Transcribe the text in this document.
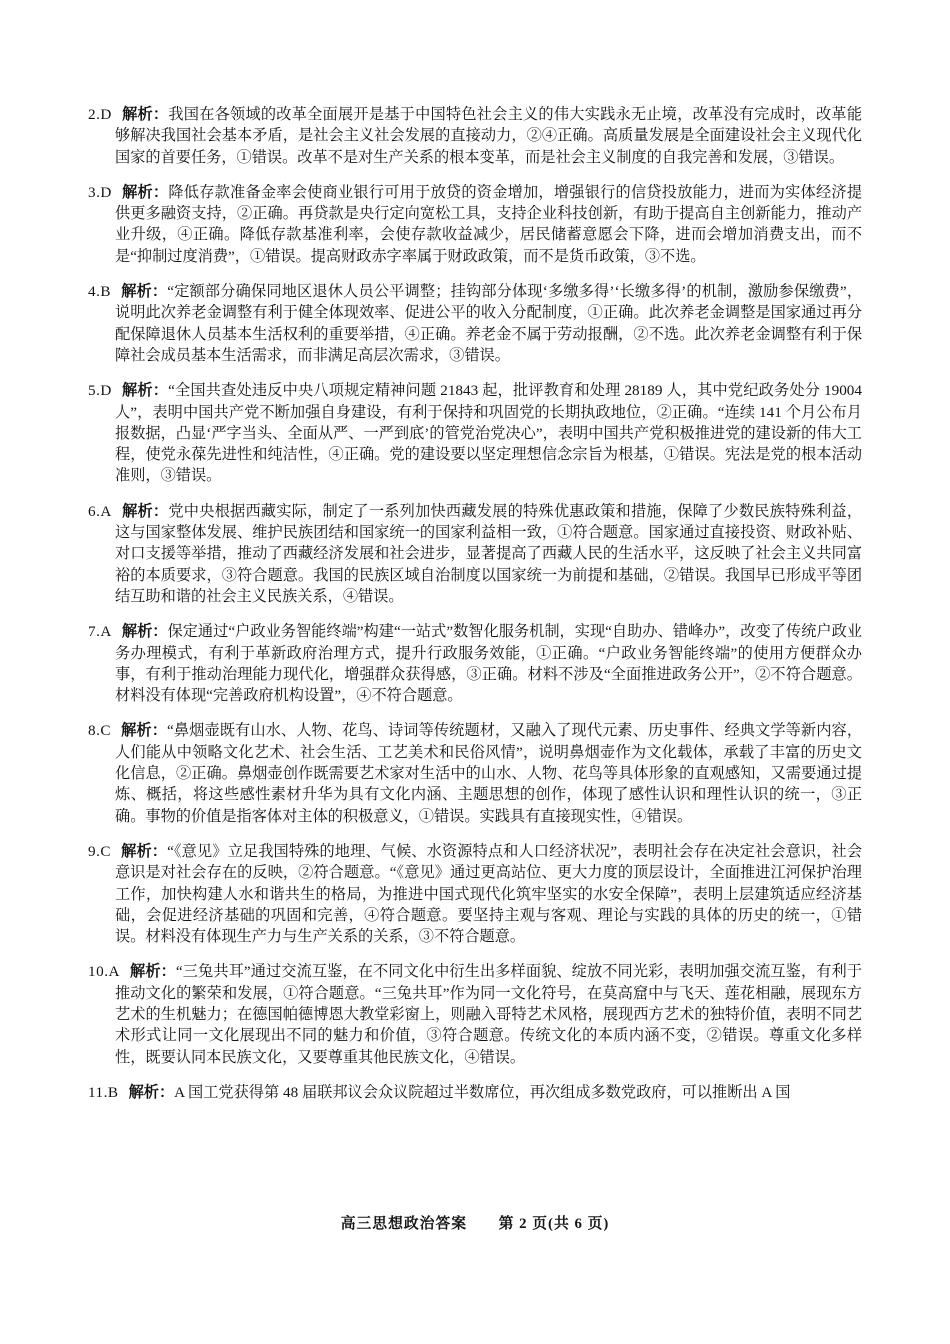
2.D 解析：我国在各领域的改革全面展开是基于中国特色社会主义的伟大实践永无止境，改革没有完成时，改革能够解决我国社会基本矛盾，是社会主义社会发展的直接动力，②④正确。高质量发展是全面建设社会主义现代化国家的首要任务，①错误。改革不是对生产关系的根本变革，而是社会主义制度的自我完善和发展，③错误。

3.D 解析：降低存款准备金率会使商业银行可用于放贷的资金增加，增强银行的信贷投放能力，进而为实体经济提供更多融资支持，②正确。再贷款是央行定向宽松工具，支持企业科技创新，有助于提高自主创新能力，推动产业升级，④正确。降低存款基准利率，会使存款收益减少，居民储蓄意愿会下降，进而会增加消费支出，而不是“抑制过度消费”，①错误。提高财政赤字率属于财政政策，而不是货币政策，③不选。

4.B 解析：“定额部分确保同地区退休人员公平调整；挂钩部分体现‘多缴多得’‘长缴多得’的机制，激励参保缴费”，说明此次养老金调整有利于健全体现效率、促进公平的收入分配制度，①正确。此次养老金调整是国家通过再分配保障退休人员基本生活权利的重要举措，④正确。养老金不属于劳动报酬，②不选。此次养老金调整有利于保障社会成员基本生活需求，而非满足高层次需求，③错误。

5.D 解析：“全国共查处违反中央八项规定精神问题 21843 起，批评教育和处理 28189 人，其中党纪政务处分 19004 人”，表明中国共产党不断加强自身建设，有利于保持和巩固党的长期执政地位，②正确。“连续 141 个月公布月报数据，凸显‘严字当头、全面从严、一严到底’的管党治党决心”，表明中国共产党积极推进党的建设新的伟大工程，使党永葆先进性和纯洁性，④正确。党的建设要以坚定理想信念宗旨为根基，①错误。宪法是党的根本活动准则，③错误。

6.A 解析：党中央根据西藏实际，制定了一系列加快西藏发展的特殊优惠政策和措施，保障了少数民族特殊利益，这与国家整体发展、维护民族团结和国家统一的国家利益相一致，①符合题意。国家通过直接投资、财政补贴、对口支援等举措，推动了西藏经济发展和社会进步，显著提高了西藏人民的生活水平，这反映了社会主义共同富裕的本质要求，③符合题意。我国的民族区域自治制度以国家统一为前提和基础，②错误。我国早已形成平等团结互助和谐的社会主义民族关系，④错误。

7.A 解析：保定通过“户政业务智能终端”构建“一站式”数智化服务机制，实现“自助办、错峰办”，改变了传统户政业务办理模式，有利于革新政府治理方式，提升行政服务效能，①正确。“户政业务智能终端”的使用方便群众办事，有利于推动治理能力现代化，增强群众获得感，③正确。材料不涉及“全面推进政务公开”，②不符合题意。材料没有体现“完善政府机构设置”，④不符合题意。

8.C 解析：“鼻烟壶既有山水、人物、花鸟、诗词等传统题材，又融入了现代元素、历史事件、经典文学等新内容，人们能从中领略文化艺术、社会生活、工艺美术和民俗风情”，说明鼻烟壶作为文化载体，承载了丰富的历史文化信息，②正确。鼻烟壶创作既需要艺术家对生活中的山水、人物、花鸟等具体形象的直观感知，又需要通过提炼、概括，将这些感性素材升华为具有文化内涵、主题思想的创作，体现了感性认识和理性认识的统一，③正确。事物的价值是指客体对主体的积极意义，①错误。实践具有直接现实性，④错误。

9.C 解析：“《意见》立足我国特殊的地理、气候、水资源特点和人口经济状况”，表明社会存在决定社会意识，社会意识是对社会存在的反映，②符合题意。“《意见》通过更高站位、更大力度的顶层设计，全面推进江河保护治理工作，加快构建人水和谐共生的格局，为推进中国式现代化筑牢坚实的水安全保障”，表明上层建筑适应经济基础，会促进经济基础的巩固和完善，④符合题意。要坚持主观与客观、理论与实践的具体的历史的统一，①错误。材料没有体现生产力与生产关系的关系，③不符合题意。

10.A 解析：“三兔共耳”通过交流互鉴，在不同文化中衍生出多样面貌、绽放不同光彩，表明加强交流互鉴，有利于推动文化的繁荣和发展，①符合题意。“三兔共耳”作为同一文化符号，在莫高窟中与飞天、莲花相融，展现东方艺术的生机魅力；在德国帕德博恩大教堂彩窗上，则融入哥特艺术风格，展现西方艺术的独特价值，表明不同艺术形式让同一文化展现出不同的魅力和价值，③符合题意。传统文化的本质内涵不变，②错误。尊重文化多样性，既要认同本民族文化，又要尊重其他民族文化，④错误。

11.B 解析：A 国工党获得第 48 届联邦议会众议院超过半数席位，再次组成多数党政府，可以推断出 A 国

高三思想政治答案　　第 2 页(共 6 页)
